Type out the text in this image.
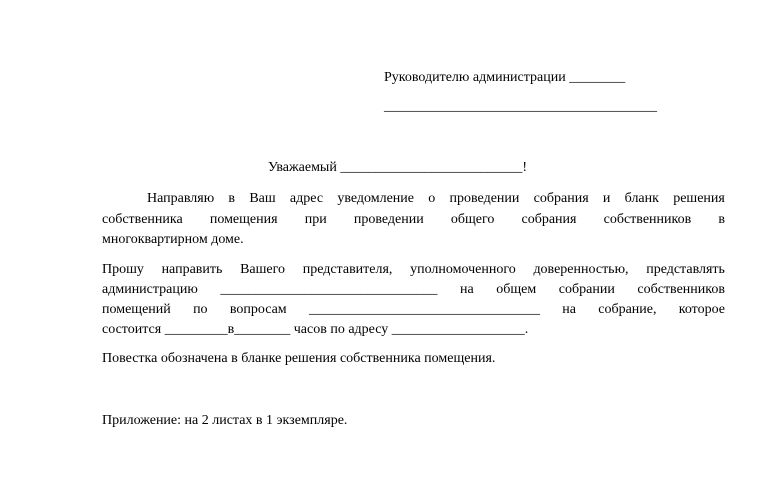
Руководителю администрации ________
_______________________________________
Уважаемый __________________________!
Направляю в Ваш адрес уведомление о проведении собрания и бланк решения
собственника помещения при проведении общего собрания собственников в
многоквартирном доме.
Прошу направить Вашего представителя, уполномоченного доверенностью, представлять
администрацию _______________________________ на общем собрании собственников
помещений по вопросам _________________________________ на собрание, которое
состоится _________в________ часов по адресу ___________________.
Повестка обозначена в бланке решения собственника помещения.
Приложение: на 2 листах в 1 экземпляре.
